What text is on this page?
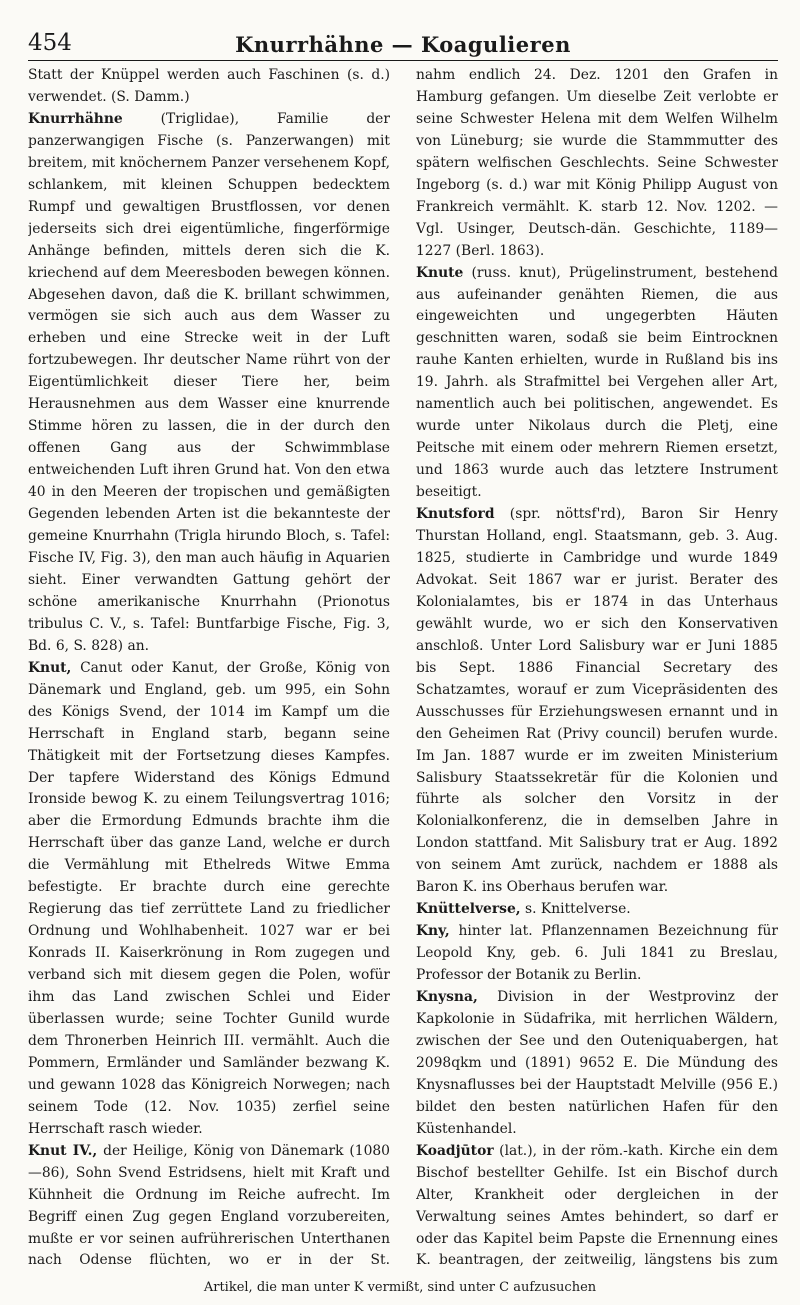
454	Knurrhähne — Koagulieren

Statt der Knüppel werden auch Faschinen (s. d.) verwendet. (S. Damm.)

Knurrhähne (Triglidae), Familie der panzerwangigen Fische (s. Panzerwangen) mit breitem, mit knöchernem Panzer versehenem Kopf, schlankem, mit kleinen Schuppen bedecktem Rumpf und gewaltigen Brustflossen, vor denen jederseits sich drei eigentümliche, fingerförmige Anhänge befinden, mittels deren sich die K. kriechend auf dem Meeresboden bewegen können. Abgesehen davon, daß die K. brillant schwimmen, vermögen sie sich auch aus dem Wasser zu erheben und eine Strecke weit in der Luft fortzubewegen. Ihr deutscher Name rührt von der Eigentümlichkeit dieser Tiere her, beim Herausnehmen aus dem Wasser eine knurrende Stimme hören zu lassen, die in der durch den offenen Gang aus der Schwimmblase entweichenden Luft ihren Grund hat. Von den etwa 40 in den Meeren der tropischen und gemäßigten Gegenden lebenden Arten ist die bekannteste der gemeine Knurrhahn (Trigla hirundo Bloch, s. Tafel: Fische IV, Fig. 3), den man auch häufig in Aquarien sieht. Einer verwandten Gattung gehört der schöne amerikanische Knurrhahn (Prionotus tribulus C. V., s. Tafel: Buntfarbige Fische, Fig. 3, Bd. 6, S. 828) an.

Knut, Canut oder Kanut, der Große, König von Dänemark und England, geb. um 995, ein Sohn des Königs Svend, der 1014 im Kampf um die Herrschaft in England starb, begann seine Thätigkeit mit der Fortsetzung dieses Kampfes. Der tapfere Widerstand des Königs Edmund Ironside bewog K. zu einem Teilungsvertrag 1016; aber die Ermordung Edmunds brachte ihm die Herrschaft über das ganze Land, welche er durch die Vermählung mit Ethelreds Witwe Emma befestigte. Er brachte durch eine gerechte Regierung das tief zerrüttete Land zu friedlicher Ordnung und Wohlhabenheit. 1027 war er bei Konrads II. Kaiserkrönung in Rom zugegen und verband sich mit diesem gegen die Polen, wofür ihm das Land zwischen Schlei und Eider überlassen wurde; seine Tochter Gunild wurde dem Thronerben Heinrich III. vermählt. Auch die Pommern, Ermländer und Samländer bezwang K. und gewann 1028 das Königreich Norwegen; nach seinem Tode (12. Nov. 1035) zerfiel seine Herrschaft rasch wieder.

Knut IV., der Heilige, König von Dänemark (1080—86), Sohn Svend Estridsens, hielt mit Kraft und Kühnheit die Ordnung im Reiche aufrecht. Im Begriff einen Zug gegen England vorzubereiten, mußte er vor seinen aufrührerischen Unterthanen nach Odense flüchten, wo er in der St.

nahm endlich 24. Dez. 1201 den Grafen in Hamburg gefangen. Um dieselbe Zeit verlobte er seine Schwester Helena mit dem Welfen Wilhelm von Lüneburg; sie wurde die Stammmutter des spätern welfischen Geschlechts. Seine Schwester Ingeborg (s. d.) war mit König Philipp August von Frankreich vermählt. K. starb 12. Nov. 1202. — Vgl. Usinger, Deutsch-dän. Geschichte, 1189—1227 (Berl. 1863).

Knute (russ. knut), Prügelinstrument, bestehend aus aufeinander genähten Riemen, die aus eingeweichten und ungegerbten Häuten geschnitten waren, sodaß sie beim Eintrocknen rauhe Kanten erhielten, wurde in Rußland bis ins 19. Jahrh. als Strafmittel bei Vergehen aller Art, namentlich auch bei politischen, angewendet. Es wurde unter Nikolaus durch die Pletj, eine Peitsche mit einem oder mehrern Riemen ersetzt, und 1863 wurde auch das letztere Instrument beseitigt.

Knutsford (spr. nöttsf'rd), Baron Sir Henry Thurstan Holland, engl. Staatsmann, geb. 3. Aug. 1825, studierte in Cambridge und wurde 1849 Advokat. Seit 1867 war er jurist. Berater des Kolonialamtes, bis er 1874 in das Unterhaus gewählt wurde, wo er sich den Konservativen anschloß. Unter Lord Salisbury war er Juni 1885 bis Sept. 1886 Financial Secretary des Schatzamtes, worauf er zum Vicepräsidenten des Ausschusses für Erziehungswesen ernannt und in den Geheimen Rat (Privy council) berufen wurde. Im Jan. 1887 wurde er im zweiten Ministerium Salisbury Staatssekretär für die Kolonien und führte als solcher den Vorsitz in der Kolonialkonferenz, die in demselben Jahre in London stattfand. Mit Salisbury trat er Aug. 1892 von seinem Amt zurück, nachdem er 1888 als Baron K. ins Oberhaus berufen war.

Knüttelverse, s. Knittelverse.

Kny, hinter lat. Pflanzennamen Bezeichnung für Leopold Kny, geb. 6. Juli 1841 zu Breslau, Professor der Botanik zu Berlin.

Knysna, Division in der Westprovinz der Kapkolonie in Südafrika, mit herrlichen Wäldern, zwischen der See und den Outeniquabergen, hat 2098qkm und (1891) 9652 E. Die Mündung des Knysnaflusses bei der Hauptstadt Melville (956 E.) bildet den besten natürlichen Hafen für den Küstenhandel.

Koadjūtor (lat.), in der röm.-kath. Kirche ein dem Bischof bestellter Gehilfe. Ist ein Bischof durch Alter, Krankheit oder dergleichen in der Verwaltung seines Amtes behindert, so darf er oder das Kapitel beim Papste die Ernennung eines K. beantragen, der zeitweilig, längstens bis zum

Artikel, die man unter K vermißt, sind unter C aufzusuchen
